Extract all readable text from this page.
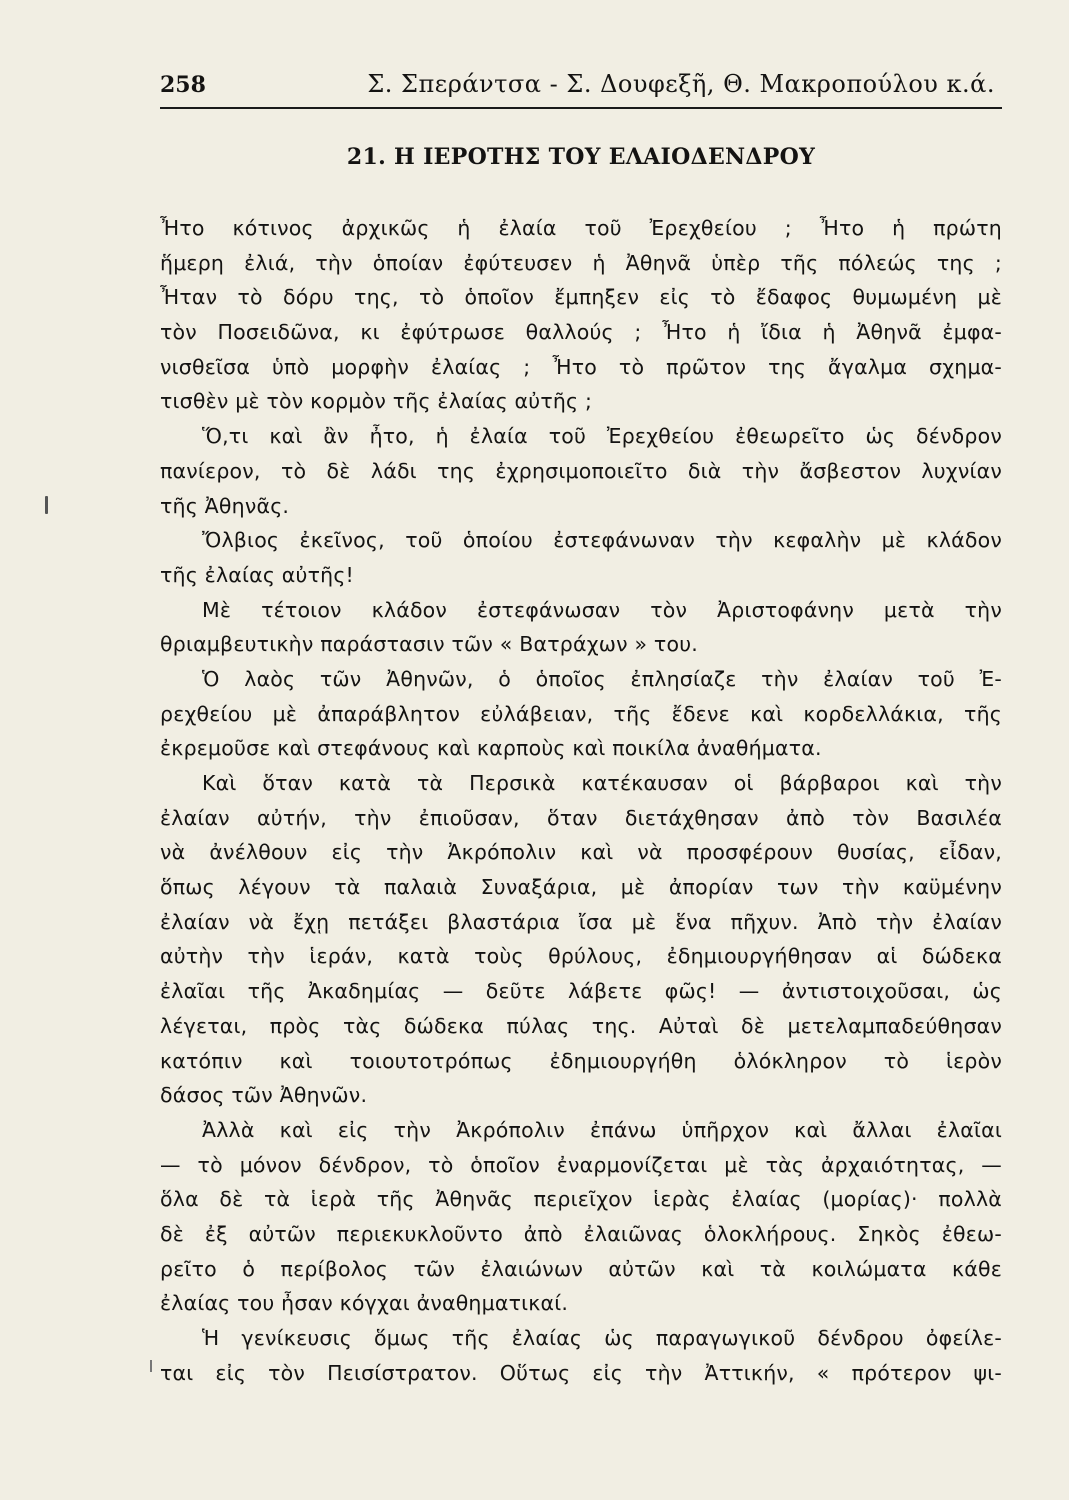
258	Σ. Σπεράντσα - Σ. Δουφεξῆ, Θ. Μακροπούλου κ.ά.
21. Η ΙΕΡΟΤΗΣ ΤΟΥ ΕΛΑΙΟΔΕΝΔΡΟΥ
Ἦτο κότινος ἀρχικῶς ἡ ἐλαία τοῦ Ἐρεχθείου ; Ἦτο ἡ πρώτη
ἥμερη ἐλιά, τὴν ὁποίαν ἐφύτευσεν ἡ Ἀθηνᾶ ὑπὲρ τῆς πόλεώς της ;
Ἦταν τὸ δόρυ της, τὸ ὁποῖον ἔμπηξεν εἰς τὸ ἔδαφος θυμωμένη μὲ
τὸν Ποσειδῶνα, κι ἐφύτρωσε θαλλούς ; Ἦτο ἡ ἴδια ἡ Ἀθηνᾶ ἐμφα-
νισθεῖσα ὑπὸ μορφὴν ἐλαίας ; Ἦτο τὸ πρῶτον της ἄγαλμα σχημα-
τισθὲν μὲ τὸν κορμὸν τῆς ἐλαίας αὐτῆς ;
Ὅ,τι καὶ ἂν ἦτο, ἡ ἐλαία τοῦ Ἐρεχθείου ἐθεωρεῖτο ὡς δένδρον
πανίερον, τὸ δὲ λάδι της ἐχρησιμοποιεῖτο διὰ τὴν ἄσβεστον λυχνίαν
τῆς Ἀθηνᾶς.
Ὄλβιος ἐκεῖνος, τοῦ ὁποίου ἐστεφάνωναν τὴν κεφαλὴν μὲ κλάδον
τῆς ἐλαίας αὐτῆς!
Μὲ τέτοιον κλάδον ἐστεφάνωσαν τὸν Ἀριστοφάνην μετὰ τὴν
θριαμβευτικὴν παράστασιν τῶν « Βατράχων » του.
Ὁ λαὸς τῶν Ἀθηνῶν, ὁ ὁποῖος ἐπλησίαζε τὴν ἐλαίαν τοῦ Ἐ-
ρεχθείου μὲ ἀπαράβλητον εὐλάβειαν, τῆς ἔδενε καὶ κορδελλάκια, τῆς
ἐκρεμοῦσε καὶ στεφάνους καὶ καρποὺς καὶ ποικίλα ἀναθήματα.
Καὶ ὅταν κατὰ τὰ Περσικὰ κατέκαυσαν οἱ βάρβαροι καὶ τὴν
ἐλαίαν αὐτήν, τὴν ἐπιοῦσαν, ὅταν διετάχθησαν ἀπὸ τὸν Βασιλέα
νὰ ἀνέλθουν εἰς τὴν Ἀκρόπολιν καὶ νὰ προσφέρουν θυσίας, εἶδαν,
ὅπως λέγουν τὰ παλαιὰ Συναξάρια, μὲ ἀπορίαν των τὴν καϋμένην
ἐλαίαν νὰ ἔχῃ πετάξει βλαστάρια ἴσα μὲ ἕνα πῆχυν. Ἀπὸ τὴν ἐλαίαν
αὐτὴν τὴν ἱεράν, κατὰ τοὺς θρύλους, ἐδημιουργήθησαν αἱ δώδεκα
ἐλαῖαι τῆς Ἀκαδημίας — δεῦτε λάβετε φῶς! — ἀντιστοιχοῦσαι, ὡς
λέγεται, πρὸς τὰς δώδεκα πύλας της. Αὐταὶ δὲ μετελαμπαδεύθησαν
κατόπιν καὶ τοιουτοτρόπως ἐδημιουργήθη ὁλόκληρον τὸ ἱερὸν
δάσος τῶν Ἀθηνῶν.
Ἀλλὰ καὶ εἰς τὴν Ἀκρόπολιν ἐπάνω ὑπῆρχον καὶ ἄλλαι ἐλαῖαι
— τὸ μόνον δένδρον, τὸ ὁποῖον ἐναρμονίζεται μὲ τὰς ἀρχαιότητας, —
ὅλα δὲ τὰ ἱερὰ τῆς Ἀθηνᾶς περιεῖχον ἱερὰς ἐλαίας (μορίας)· πολλὰ
δὲ ἐξ αὐτῶν περιεκυκλοῦντο ἀπὸ ἐλαιῶνας ὁλοκλήρους. Σηκὸς ἐθεω-
ρεῖτο ὁ περίβολος τῶν ἐλαιώνων αὐτῶν καὶ τὰ κοιλώματα κάθε
ἐλαίας του ἦσαν κόγχαι ἀναθηματικαί.
Ἡ γενίκευσις ὅμως τῆς ἐλαίας ὡς παραγωγικοῦ δένδρου ὀφείλε-
ται εἰς τὸν Πεισίστρατον. Οὕτως εἰς τὴν Ἀττικήν, « πρότερον ψι-
